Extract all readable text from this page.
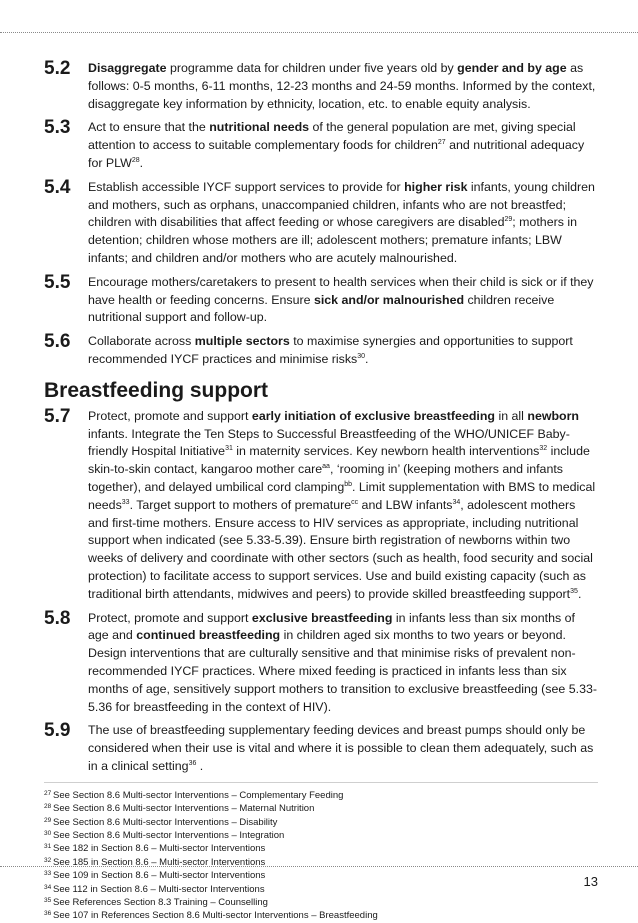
5.2	Disaggregate programme data for children under five years old by gender and by age as follows: 0-5 months, 6-11 months, 12-23 months and 24-59 months. Informed by the context, disaggregate key information by ethnicity, location, etc. to enable equity analysis.
5.3	Act to ensure that the nutritional needs of the general population are met, giving special attention to access to suitable complementary foods for children$^{27}$ and nutritional adequacy for PLW$^{28}$.
5.4	Establish accessible IYCF support services to provide for higher risk infants, young children and mothers, such as orphans, unaccompanied children, infants who are not breastfed; children with disabilities that affect feeding or whose caregivers are disabled$^{29}$; mothers in detention; children whose mothers are ill; adolescent mothers; premature infants; LBW infants; and children and/or mothers who are acutely malnourished.
5.5	Encourage mothers/caretakers to present to health services when their child is sick or if they have health or feeding concerns. Ensure sick and/or malnourished children receive nutritional support and follow-up.
5.6	Collaborate across multiple sectors to maximise synergies and opportunities to support recommended IYCF practices and minimise risks$^{30}$.
Breastfeeding support
5.7	Protect, promote and support early initiation of exclusive breastfeeding in all newborn infants. Integrate the Ten Steps to Successful Breastfeeding of the WHO/UNICEF Baby-friendly Hospital Initiative$^{31}$ in maternity services. Key newborn health interventions$^{32}$ include skin-to-skin contact, kangaroo mother care$^{aa}$, ‘rooming in’ (keeping mothers and infants together), and delayed umbilical cord clamping$^{bb}$. Limit supplementation with BMS to medical needs$^{33}$. Target support to mothers of premature$^{cc}$ and LBW infants$^{34}$, adolescent mothers and first-time mothers. Ensure access to HIV services as appropriate, including nutritional support when indicated (see 5.33-5.39). Ensure birth registration of newborns within two weeks of delivery and coordinate with other sectors (such as health, food security and social protection) to facilitate access to support services. Use and build existing capacity (such as traditional birth attendants, midwives and peers) to provide skilled breastfeeding support$^{35}$.
5.8	Protect, promote and support exclusive breastfeeding in infants less than six months of age and continued breastfeeding in children aged six months to two years or beyond. Design interventions that are culturally sensitive and that minimise risks of prevalent non-recommended IYCF practices. Where mixed feeding is practiced in infants less than six months of age, sensitively support mothers to transition to exclusive breastfeeding (see 5.33-5.36 for breastfeeding in the context of HIV).
5.9	The use of breastfeeding supplementary feeding devices and breast pumps should only be considered when their use is vital and where it is possible to clean them adequately, such as in a clinical setting$^{36}$ .
27 See Section 8.6 Multi-sector Interventions – Complementary Feeding
28 See Section 8.6 Multi-sector Interventions – Maternal Nutrition
29 See Section 8.6 Multi-sector Interventions – Disability
30 See Section 8.6 Multi-sector Interventions – Integration
31 See 182 in Section 8.6 – Multi-sector Interventions
32 See 185 in Section 8.6 – Multi-sector Interventions
33 See 109 in Section 8.6 – Multi-sector Interventions
34 See 112 in Section 8.6 – Multi-sector Interventions
35 See References Section 8.3 Training – Counselling
36 See 107 in References Section 8.6 Multi-sector Interventions – Breastfeeding
13
